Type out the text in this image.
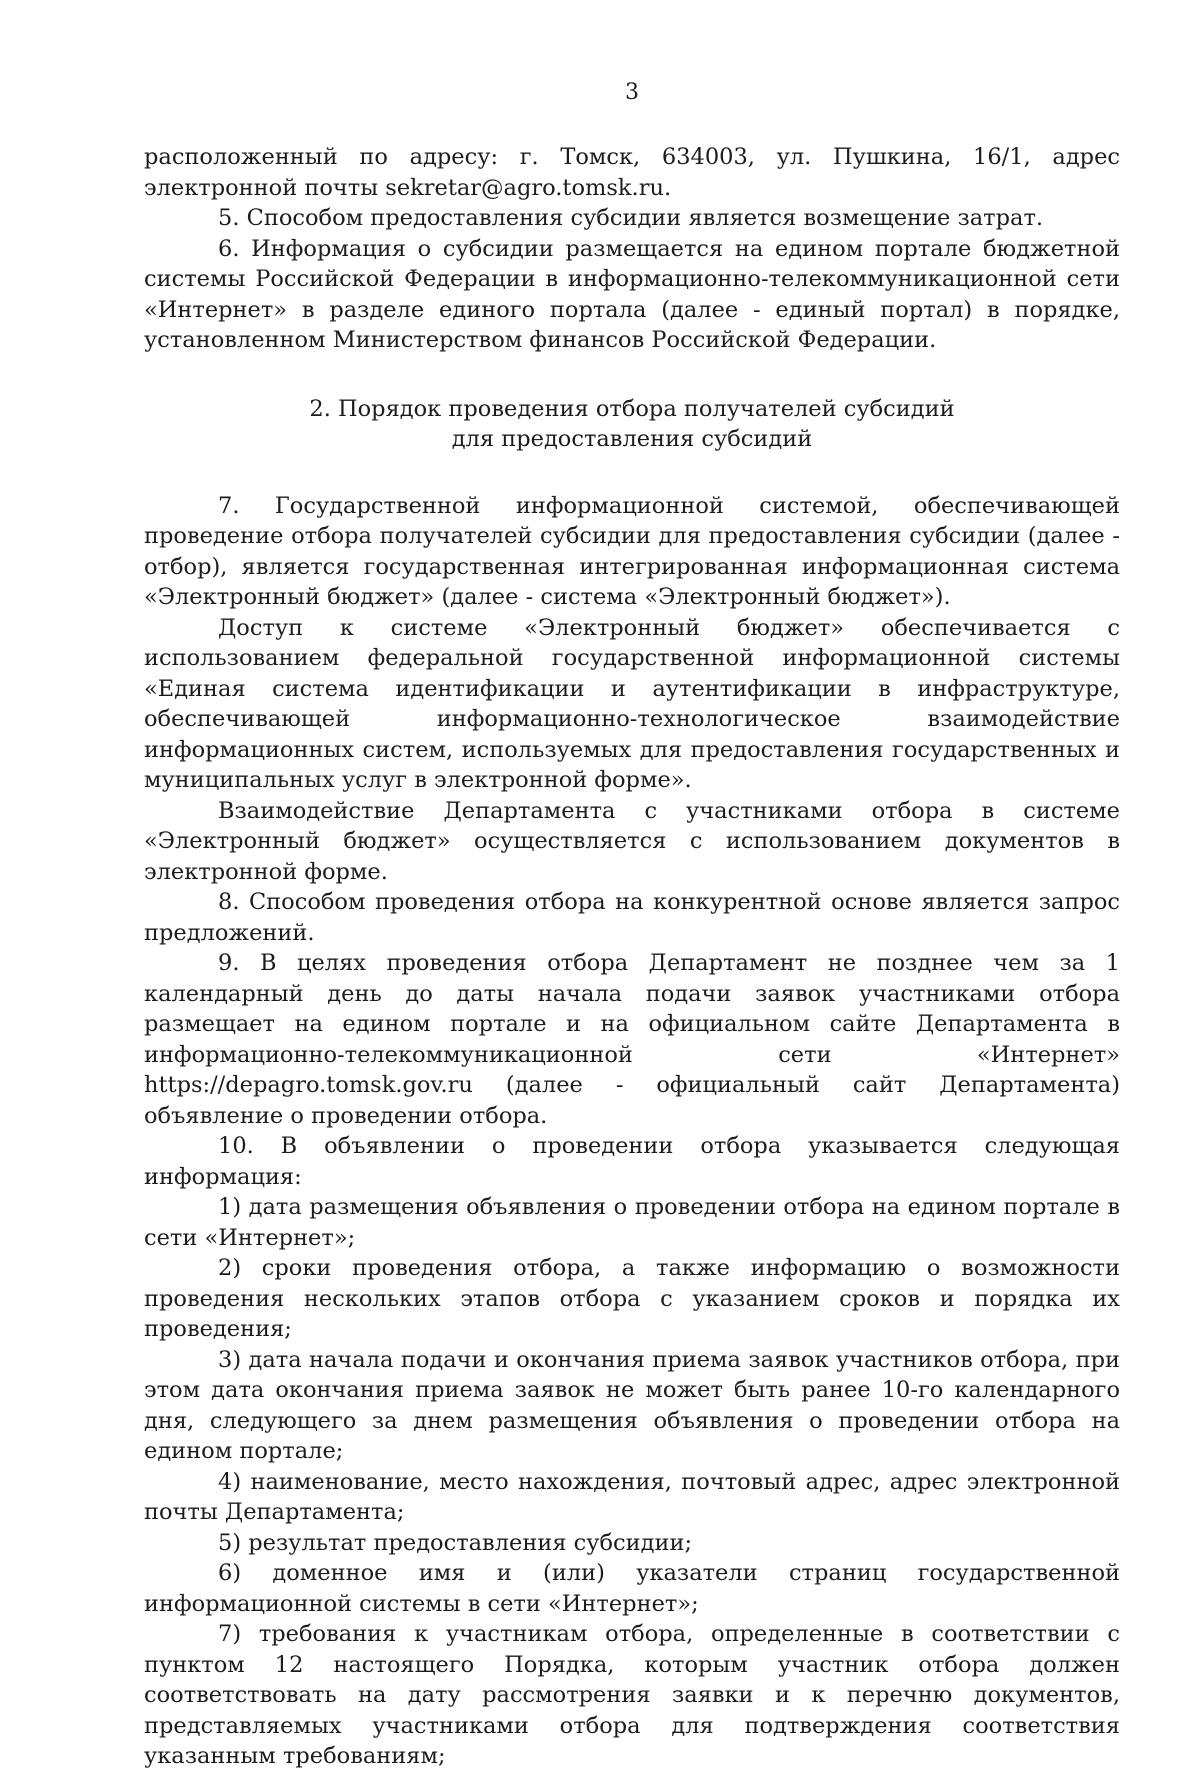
3

расположенный по адресу: г. Томск, 634003, ул. Пушкина, 16/1, адрес электронной почты sekretar@agro.tomsk.ru.

5. Способом предоставления субсидии является возмещение затрат.

6. Информация о субсидии размещается на едином портале бюджетной системы Российской Федерации в информационно-телекоммуникационной сети «Интернет» в разделе единого портала (далее - единый портал) в порядке, установленном Министерством финансов Российской Федерации.

2. Порядок проведения отбора получателей субсидий
для предоставления субсидий

7. Государственной информационной системой, обеспечивающей проведение отбора получателей субсидии для предоставления субсидии (далее - отбор), является государственная интегрированная информационная система «Электронный бюджет» (далее - система «Электронный бюджет»).

Доступ к системе «Электронный бюджет» обеспечивается с использованием федеральной государственной информационной системы «Единая система идентификации и аутентификации в инфраструктуре, обеспечивающей информационно-технологическое взаимодействие информационных систем, используемых для предоставления государственных и муниципальных услуг в электронной форме».

Взаимодействие Департамента с участниками отбора в системе «Электронный бюджет» осуществляется с использованием документов в электронной форме.

8. Способом проведения отбора на конкурентной основе является запрос предложений.

9. В целях проведения отбора Департамент не позднее чем за 1 календарный день до даты начала подачи заявок участниками отбора размещает на едином портале и на официальном сайте Департамента в информационно-телекоммуникационной сети «Интернет» https://depagro.tomsk.gov.ru (далее - официальный сайт Департамента) объявление о проведении отбора.

10. В объявлении о проведении отбора указывается следующая информация:

1) дата размещения объявления о проведении отбора на едином портале в сети «Интернет»;

2) сроки проведения отбора, а также информацию о возможности проведения нескольких этапов отбора с указанием сроков и порядка их проведения;

3) дата начала подачи и окончания приема заявок участников отбора, при этом дата окончания приема заявок не может быть ранее 10-го календарного дня, следующего за днем размещения объявления о проведении отбора на едином портале;

4) наименование, место нахождения, почтовый адрес, адрес электронной почты Департамента;

5) результат предоставления субсидии;

6) доменное имя и (или) указатели страниц государственной информационной системы в сети «Интернет»;

7) требования к участникам отбора, определенные в соответствии с пунктом 12 настоящего Порядка, которым участник отбора должен соответствовать на дату рассмотрения заявки и к перечню документов, представляемых участниками отбора для подтверждения соответствия указанным требованиям;
